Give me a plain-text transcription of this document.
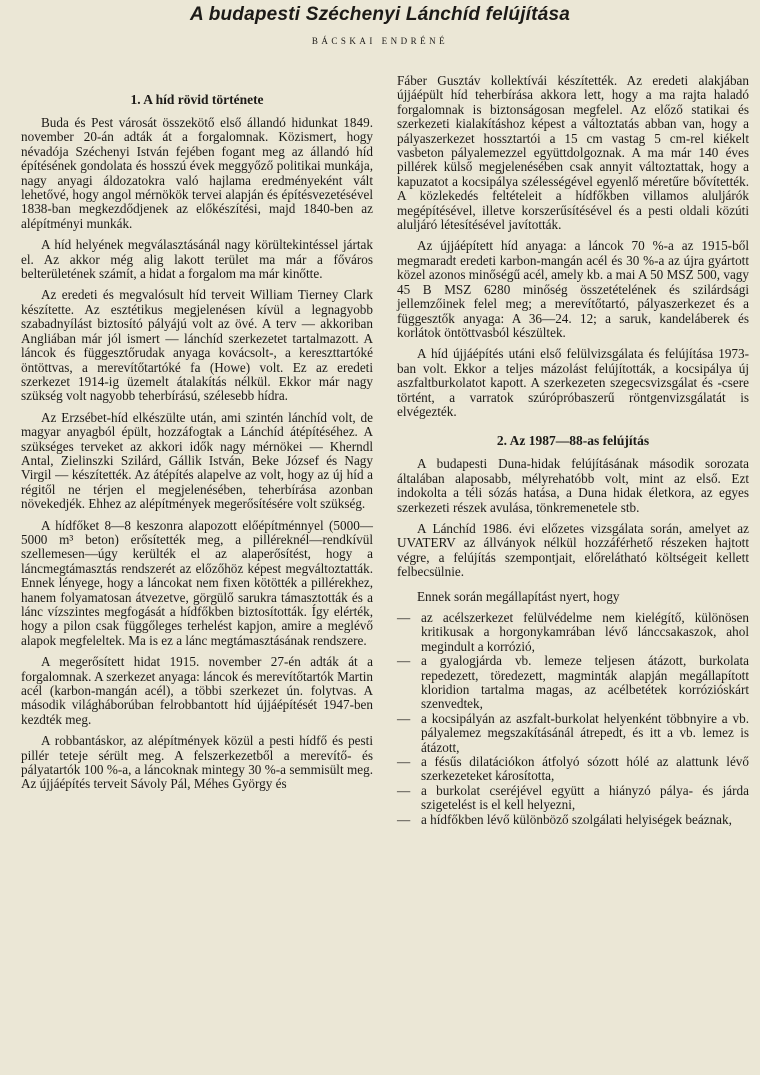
A budapesti Széchenyi Lánchíd felújítása
BÁCSKAI ENDRÉNÉ
1. A híd rövid története

Buda és Pest városát összekötő első állandó hidunkat 1849. november 20-án adták át a forgalomnak. Közismert, hogy névadója Széchenyi István fejében fogant meg az állandó híd építésének gondolata és hosszú évek meggyőző politikai munkája, nagy anyagi áldozatokra való hajlama eredményeként vált lehetővé, hogy angol mérnökök tervei alapján és építésvezetésével 1838-ban megkezdődjenek az előkészítési, majd 1840-ben az alépítményi munkák.

A híd helyének megválasztásánál nagy körültekintéssel jártak el. Az akkor még alig lakott terület ma már a főváros belterületének számít, a hidat a forgalom ma már kinőtte.

Az eredeti és megvalósult híd terveit William Tierney Clark készítette. Az esztétikus megjelenésen kívül a legnagyobb szabadnyílást biztosító pályájú volt az övé. A terv — akkoriban Angliában már jól ismert — lánchíd szerkezetet tartalmazott. A láncok és függesztőrudak anyaga kovácsolt-, a kereszttartóké öntöttvas, a merevítőtartóké fa (Howe) volt. Ez az eredeti szerkezet 1914-ig üzemelt átalakítás nélkül. Ekkor már nagy szükség volt nagyobb teherbírású, szélesebb hídra.

Az Erzsébet-híd elkészülte után, ami szintén lánchíd volt, de magyar anyagból épült, hozzáfogtak a Lánchíd átépítéséhez. A szükséges terveket az akkori idők nagy mérnökei — Kherndl Antal, Zielinszki Szilárd, Gállik István, Beke József és Nagy Virgil — készítették. Az átépítés alapelve az volt, hogy az új híd a régitől ne térjen el megjelenésében, teherbírása azonban növekedjék. Ehhez az alépítmények megerősítésére volt szükség.

A hídfőket 8—8 keszonra alapozott előépítménnyel (5000—5000 m³ beton) erősítették meg, a pilléreknél—rendkívül szellemesen—úgy kerülték el az alaperősítést, hogy a láncmegtámasztás rendszerét az előzőhöz képest megváltoztatták. Ennek lényege, hogy a láncokat nem fixen kötötték a pillérekhez, hanem folyamatosan átvezetve, görgülő sarukra támasztották és a lánc vízszintes megfogását a hídfőkben biztosították. Így elérték, hogy a pilon csak függőleges terhelést kapjon, amire a meglévő alapok megfeleltek. Ma is ez a lánc megtámasztásának rendszere.

A megerősített hidat 1915. november 27-én adták át a forgalomnak. A szerkezet anyaga: láncok és merevítőtartók Martin acél (karbon-mangán acél), a többi szerkezet ún. folytvas. A második világháborúban felrobbantott híd újjáépítését 1947-ben kezdték meg.

A robbantáskor, az alépítmények közül a pesti hídfő és pesti pillér teteje sérült meg. A felszerkezetből a merevítő- és pályatartók 100 %-a, a láncoknak mintegy 30 %-a semmisült meg. Az újjáépítés terveit Sávoly Pál, Méhes György és

Fáber Gusztáv kollektívái készítették. Az eredeti alakjában újjáépült híd teherbírása akkora lett, hogy a ma rajta haladó forgalomnak is biztonságosan megfelel. Az előző statikai és szerkezeti kialakításhoz képest a változtatás abban van, hogy a pályaszerkezet hossztartói a 15 cm vastag 5 cm-rel kiékelt vasbeton pályalemezzel együttdolgoznak. A ma már 140 éves pillérek külső megjelenésében csak annyit változtattak, hogy a kapuzatot a kocsipálya szélességével egyenlő méretűre bővítették. A közlekedés feltételeit a hídfőkben villamos aluljárók megépítésével, illetve korszerűsítésével és a pesti oldali közúti aluljáró létesítésével javították.

Az újjáépített híd anyaga: a láncok 70 %-a az 1915-ből megmaradt eredeti karbon-mangán acél és 30 %-a az újra gyártott közel azonos minőségű acél, amely kb. a mai A 50 MSZ 500, vagy 45 B MSZ 6280 minőség összetételének és szilárdsági jellemzőinek felel meg; a merevítőtartó, pályaszerkezet és a függesztők anyaga: A 36—24. 12; a saruk, kandeláberek és korlátok öntöttvasból készültek.

A híd újjáépítés utáni első felülvizsgálata és felújítása 1973-ban volt. Ekkor a teljes mázolást felújították, a kocsipálya új aszfaltburkolatot kapott. A szerkezeten szegecsvizsgálat és -csere történt, a varratok szúrópróbaszerű röntgenvizsgálatát is elvégezték.

2. Az 1987—88-as felújítás

A budapesti Duna-hidak felújításának második sorozata általában alaposabb, mélyrehatóbb volt, mint az első. Ezt indokolta a téli sózás hatása, a Duna hidak életkora, az egyes szerkezeti részek avulása, tönkremenetele stb.

A Lánchíd 1986. évi előzetes vizsgálata során, amelyet az UVATERV az állványok nélkül hozzáférhető részeken hajtott végre, a felújítás szempontjait, előrelátható költségeit kellett felbecsülnie.

Ennek során megállapítást nyert, hogy

— az acélszerkezet felülvédelme nem kielégítő, különösen kritikusak a horgonykamrában lévő lánccsakaszok, ahol megindult a korrózió,
— a gyalogjárda vb. lemeze teljesen átázott, burkolata repedezett, töredezett, magminták alapján megállapított kloridion tartalma magas, az acélbetétek korrózióskárt szenvedtek,
— a kocsipályán az aszfalt-burkolat helyenként többnyire a vb. pályalemez megszakításánál átrepedt, és itt a vb. lemez is átázott,
— a fésűs dilatációkon átfolyó sózott hólé az alattunk lévő szerkezeteket károsította,
— a burkolat cseréjével együtt a hiányzó pálya- és járda szigetelést is el kell helyezni,
— a hídfőkben lévő különböző szolgálati helyiségek beáznak,
